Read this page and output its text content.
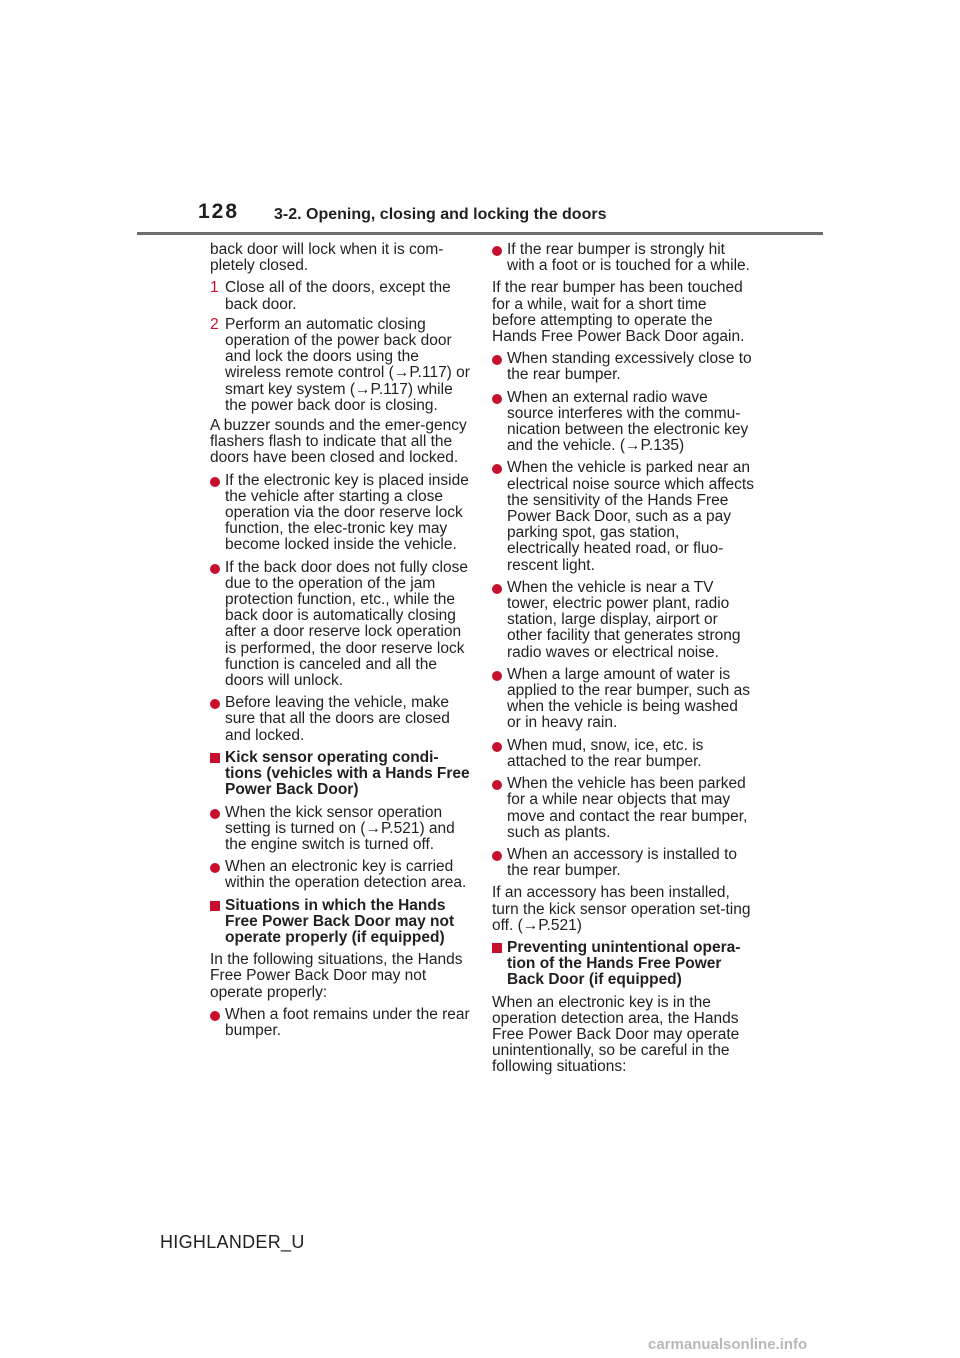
128 3-2. Opening, closing and locking the doors

back door will lock when it is com-pletely closed.

1 Close all of the doors, except the back door.
2 Perform an automatic closing operation of the power back door and lock the doors using the wireless remote control (→P.117) or smart key system (→P.117) while the power back door is closing.

A buzzer sounds and the emer-gency flashers flash to indicate that all the doors have been closed and locked.

If the electronic key is placed inside the vehicle after starting a close operation via the door reserve lock function, the elec-tronic key may become locked inside the vehicle.
If the back door does not fully close due to the operation of the jam protection function, etc., while the back door is automatically closing after a door reserve lock operation is performed, the door reserve lock function is canceled and all the doors will unlock.
Before leaving the vehicle, make sure that all the doors are closed and locked.
Kick sensor operating condi-tions (vehicles with a Hands Free Power Back Door)
When the kick sensor operation setting is turned on (→P.521) and the engine switch is turned off.
When an electronic key is carried within the operation detection area.
Situations in which the Hands Free Power Back Door may not operate properly (if equipped)

In the following situations, the Hands Free Power Back Door may not operate properly:

When a foot remains under the rear bumper.
If the rear bumper is strongly hit with a foot or is touched for a while.

If the rear bumper has been touched for a while, wait for a short time before attempting to operate the Hands Free Power Back Door again.

When standing excessively close to the rear bumper.
When an external radio wave source interferes with the commu-nication between the electronic key and the vehicle. (→P.135)
When the vehicle is parked near an electrical noise source which affects the sensitivity of the Hands Free Power Back Door, such as a pay parking spot, gas station, electrically heated road, or fluo-rescent light.
When the vehicle is near a TV tower, electric power plant, radio station, large display, airport or other facility that generates strong radio waves or electrical noise.
When a large amount of water is applied to the rear bumper, such as when the vehicle is being washed or in heavy rain.
When mud, snow, ice, etc. is attached to the rear bumper.
When the vehicle has been parked for a while near objects that may move and contact the rear bumper, such as plants.
When an accessory is installed to the rear bumper.

If an accessory has been installed, turn the kick sensor operation set-ting off. (→P.521)

Preventing unintentional opera-tion of the Hands Free Power Back Door (if equipped)

When an electronic key is in the operation detection area, the Hands Free Power Back Door may operate unintentionally, so be careful in the following situations:

HIGHLANDER_U
carmanualsonline.info
